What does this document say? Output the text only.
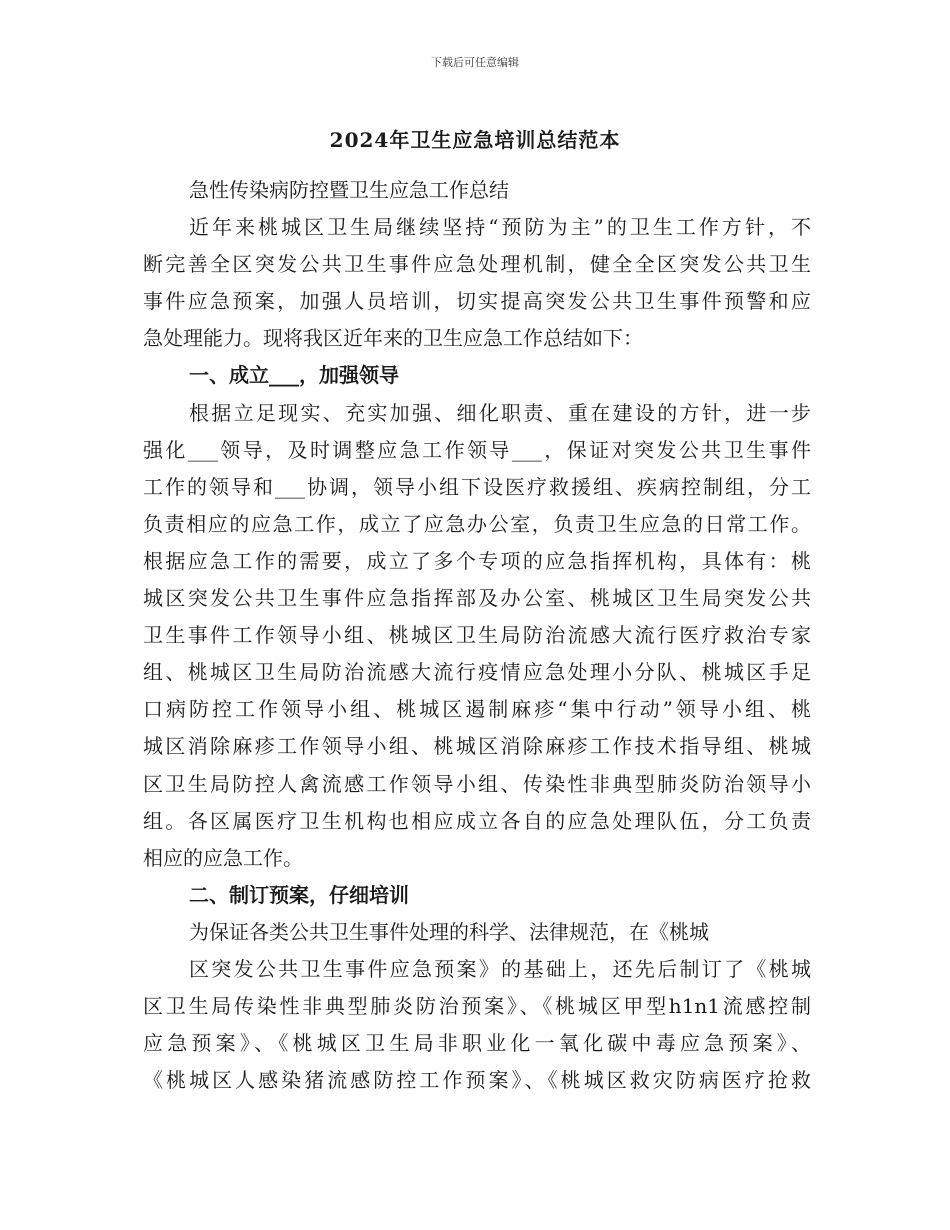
下载后可任意编辑
2024年卫生应急培训总结范本
急性传染病防控暨卫生应急工作总结
近年来桃城区卫生局继续坚持“预防为主”的卫生工作方针，不
断完善全区突发公共卫生事件应急处理机制，健全全区突发公共卫生
事件应急预案，加强人员培训，切实提高突发公共卫生事件预警和应
急处理能力。现将我区近年来的卫生应急工作总结如下：
一、成立___，加强领导
根据立足现实、充实加强、细化职责、重在建设的方针，进一步
强化___领导，及时调整应急工作领导___，保证对突发公共卫生事件
工作的领导和___协调，领导小组下设医疗救援组、疾病控制组，分工
负责相应的应急工作，成立了应急办公室，负责卫生应急的日常工作。
根据应急工作的需要，成立了多个专项的应急指挥机构，具体有：桃
城区突发公共卫生事件应急指挥部及办公室、桃城区卫生局突发公共
卫生事件工作领导小组、桃城区卫生局防治流感大流行医疗救治专家
组、桃城区卫生局防治流感大流行疫情应急处理小分队、桃城区手足
口病防控工作领导小组、桃城区遏制麻疹“集中行动”领导小组、桃
城区消除麻疹工作领导小组、桃城区消除麻疹工作技术指导组、桃城
区卫生局防控人禽流感工作领导小组、传染性非典型肺炎防治领导小
组。各区属医疗卫生机构也相应成立各自的应急处理队伍，分工负责
相应的应急工作。
二、制订预案，仔细培训
为保证各类公共卫生事件处理的科学、法律规范，在《桃城
区突发公共卫生事件应急预案》的基础上，还先后制订了《桃城
区卫生局传染性非典型肺炎防治预案》、《桃城区甲型h1n1流感控制
应急预案》、《桃城区卫生局非职业化一氧化碳中毒应急预案》、
《桃城区人感染猪流感防控工作预案》、《桃城区救灾防病医疗抢救
